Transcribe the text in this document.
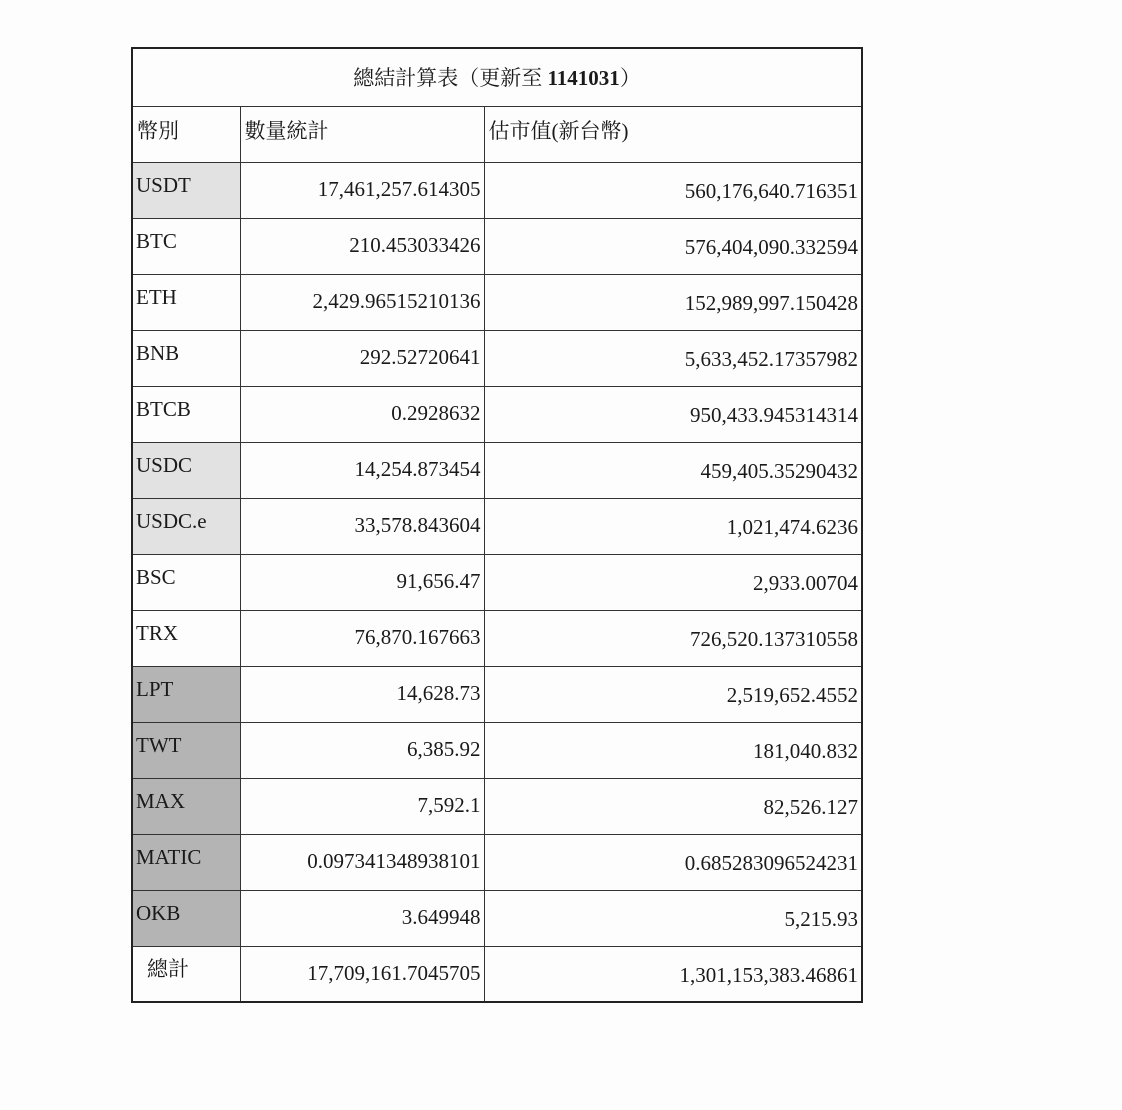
總結計算表（更新至 1141031）		
幣別	數量統計	估市值(新台幣)
USDT	17,461,257.614305	560,176,640.716351
BTC	210.453033426	576,404,090.332594
ETH	2,429.96515210136	152,989,997.150428
BNB	292.52720641	5,633,452.17357982
BTCB	0.2928632	950,433.945314314
USDC	14,254.873454	459,405.35290432
USDC.e	33,578.843604	1,021,474.6236
BSC	91,656.47	2,933.00704
TRX	76,870.167663	726,520.137310558
LPT	14,628.73	2,519,652.4552
TWT	6,385.92	181,040.832
MAX	7,592.1	82,526.127
MATIC	0.097341348938101	0.685283096524231
OKB	3.649948	5,215.93
總計	17,709,161.7045705	1,301,153,383.46861
